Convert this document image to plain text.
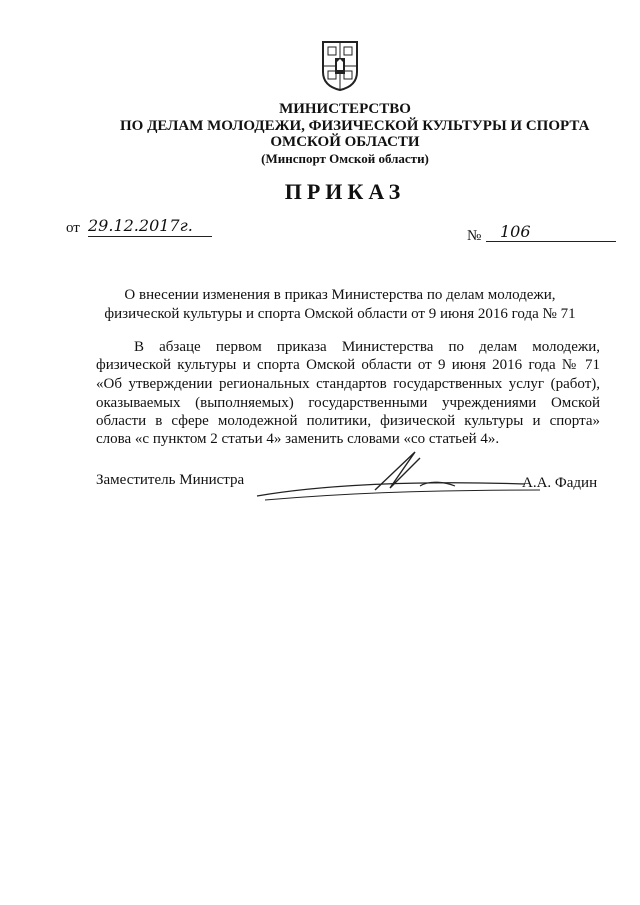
МИНИСТЕРСТВО
ПО ДЕЛАМ МОЛОДЕЖИ, ФИЗИЧЕСКОЙ КУЛЬТУРЫ И СПОРТА
ОМСКОЙ ОБЛАСТИ
(Минспорт Омской области)
ПРИКАЗ
от 29.12.2017г.
№	106
О внесении изменения в приказ Министерства по делам молодежи,
физической культуры и спорта Омской области от 9 июня 2016 года № 71
В абзаце первом приказа Министерства по делам молодежи,
физической культуры и спорта Омской области от 9 июня 2016 года № 71
«Об утверждении региональных стандартов государственных услуг (работ),
оказываемых (выполняемых) государственными учреждениями Омской
области в сфере молодежной политики, физической культуры и спорта»
слова «с пунктом 2 статьи 4» заменить словами «со статьей 4».
Заместитель Министра	А.А. Фадин
